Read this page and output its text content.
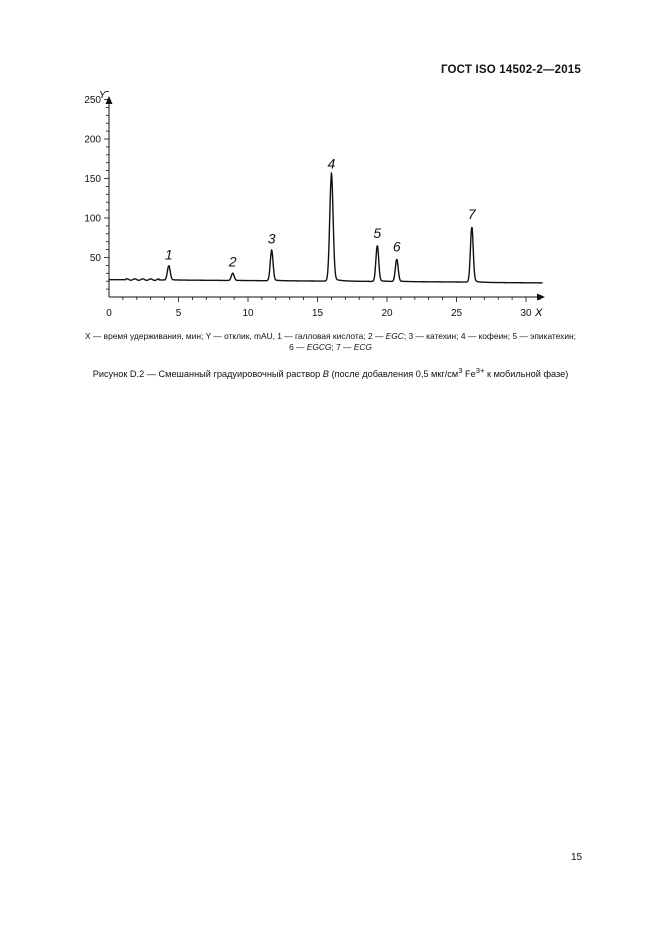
ГОСТ ISO 14502-2—2015
0	5	10	15	20	25	30
50
100
150
200
250
1	2
3
4
5
6
7
X
Y
X — время удерживания, мин; Y — отклик, mAU, 1 — галловая кислота; 2 — EGC; 3 — катехин; 4 — кофеин; 5 — эпикатехин;
6 — EGCG; 7 — ECG
Рисунок D.2 — Смешанный градуировочный раствор B (после добавления 0,5 мкг/$см^3$ $Fe^{3+}$ к мобильной фазе)
15
